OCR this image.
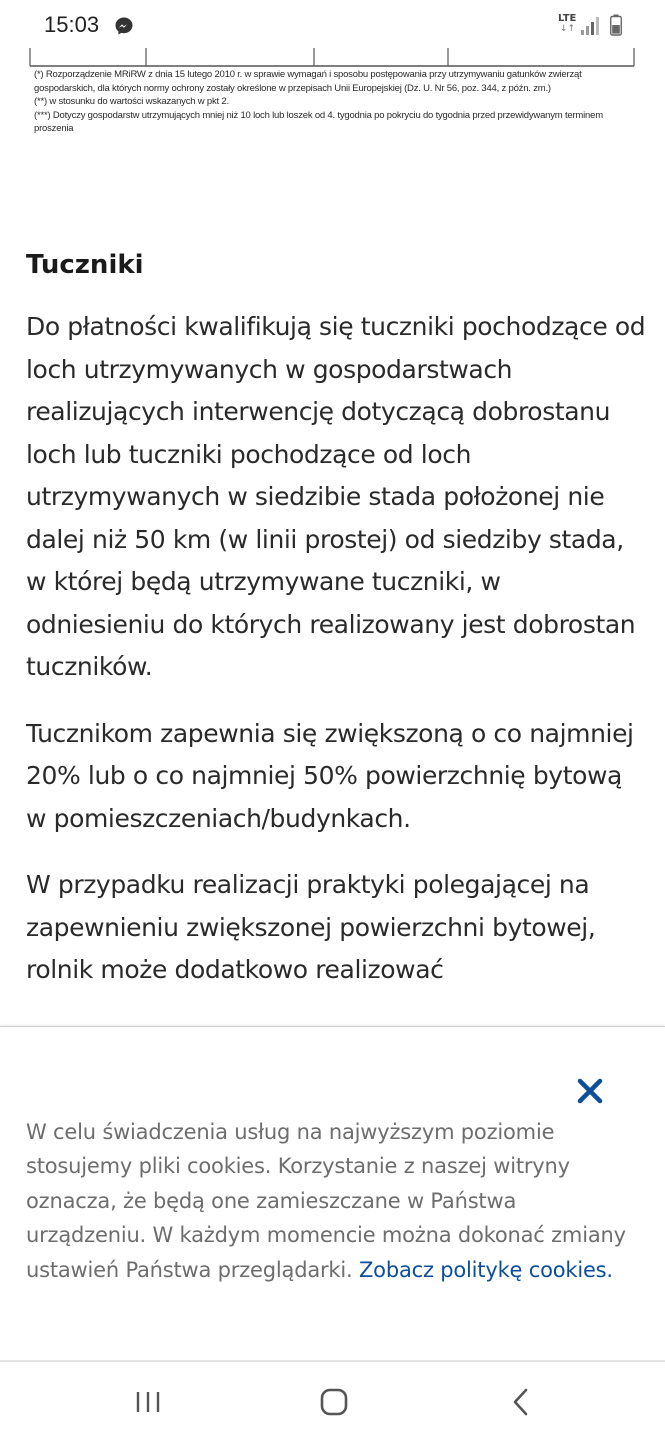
15:03	LTE
↓↑

(*) Rozporządzenie MRiRW z dnia 15 lutego 2010 r. w sprawie wymagań i sposobu postępowania przy utrzymywaniu gatunków zwierząt

gospodarskich, dla których normy ochrony zostały określone w przepisach Unii Europejskiej (Dz. U. Nr 56, poz. 344, z późn. zm.)

(**) w stosunku do wartości wskazanych w pkt 2.

(***) Dotyczy gospodarstw utrzymujących mniej niż 10 loch lub loszek od 4. tygodnia po pokryciu do tygodnia przed przewidywanym terminem

proszenia

Tuczniki

Do płatności kwalifikują się tuczniki pochodzące od loch utrzymywanych w gospodarstwach realizujących interwencję dotyczącą dobrostanu loch lub tuczniki pochodzące od loch utrzymywanych w siedzibie stada położonej nie dalej niż 50 km (w linii prostej) od siedziby stada, w której będą utrzymywane tuczniki, w odniesieniu do których realizowany jest dobrostan tuczników.

Tucznikom zapewnia się zwiększoną o co najmniej 20% lub o co najmniej 50% powierzchnię bytową w pomieszczeniach/budynkach.

W przypadku realizacji praktyki polegającej na zapewnieniu zwiększonej powierzchni bytowej, rolnik może dodatkowo realizować

W celu świadczenia usług na najwyższym poziomie stosujemy pliki cookies. Korzystanie z naszej witryny oznacza, że będą one zamieszczane w Państwa urządzeniu. W każdym momencie można dokonać zmiany ustawień Państwa przeglądarki. Zobacz politykę cookies.
